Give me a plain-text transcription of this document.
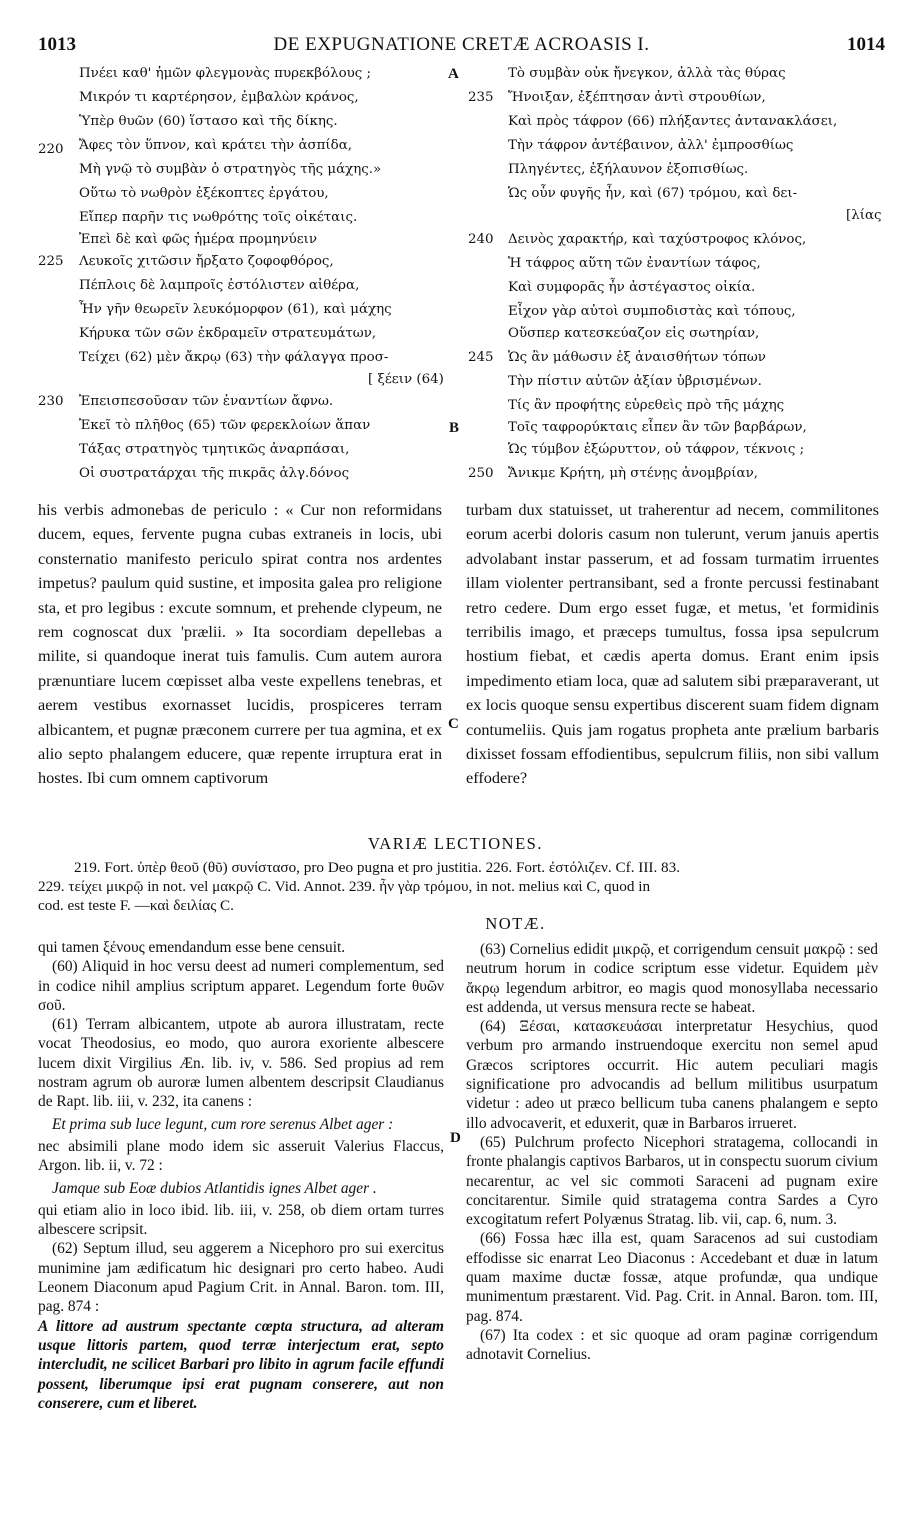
1013	DE EXPUGNATIONE CRETÆ ACROASIS I.	1014
220
225
230
Πνέει καθ' ἡμῶν φλεγμονὰς πυρεκβόλους ;
Μικρόν τι καρτέρησον, ἐμβαλὼν κράνος,
Ὑπὲρ θυῶν (60) ἵστασο καὶ τῆς δίκης.
Ἄφες τὸν ὕπνον, καὶ κράτει τὴν ἀσπίδα,
Μὴ γνῷ τὸ συμβὰν ὁ στρατηγὸς τῆς μάχης.»
Οὕτω τὸ νωθρὸν ἐξέκοπτες ἐργάτου,
Εἴπερ παρῆν τις νωθρότης τοῖς οἰκέταις.
Ἐπεὶ δὲ καὶ φῶς ἡμέρα προμηνύειν
Λευκοῖς χιτῶσιν ἤρξατο ζοφοφθόρος,
Πέπλοις δὲ λαμπροῖς ἐστόλιστεν αἰθέρα,
Ἦν γῆν θεωρεῖν λευκόμορφον (61), καὶ μάχης
Κήρυκα τῶν σῶν ἐκδραμεῖν στρατευμάτων,
Τείχει (62) μὲν ἄκρῳ (63) τὴν φάλαγγα προσ-
[ ξέειν (64)
Ἐπεισπεσοῦσαν τῶν ἐναντίων ἄφνω.
Ἐκεῖ τὸ πλῆθος (65) τῶν φερεκλοίων ἅπαν
Τάξας στρατηγὸς τμητικῶς ἀναρπάσαι,
Οἱ συστρατάρχαι τῆς πικρᾶς ἀλγ.δόνος
A
B
235
240
245
250
Τὸ συμβὰν οὐκ ἤνεγκον, ἀλλὰ τὰς θύρας
Ἤνοιξαν, ἐξέπτησαν ἀντὶ στρουθίων,
Καὶ πρὸς τάφρον (66) πλήξαντες ἀντανακλάσει,
Τὴν τάφρον ἀντέβαινον, ἀλλ' ἐμπροσθίως
Πληγέντες, ἐξήλαυνον ἐξοπισθίως.
Ὡς οὖν φυγῆς ἦν, καὶ (67) τρόμου, καὶ δει-
[λίας
Δεινὸς χαρακτήρ, καὶ ταχύστροφος κλόνος,
Ἡ τάφρος αὕτη τῶν ἐναντίων τάφος,
Καὶ συμφορᾶς ἦν ἀστέγαστος οἰκία.
Εἶχον γὰρ αὐτοὶ συμποδιστὰς καὶ τόπους,
Οὕσπερ κατεσκεύαζον εἰς σωτηρίαν,
Ὡς ἂν μάθωσιν ἐξ ἀναισθήτων τόπων
Τὴν πίστιν αὐτῶν ἀξίαν ὑβρισμένων.
Τίς ἂν προφήτης εὑρεθεὶς πρὸ τῆς μάχης
Τοῖς ταφρορύκταις εἶπεν ἂν τῶν βαρβάρων,
Ὡς τύμβον ἐξώρυττον, οὐ τάφρον, τέκνοις ;
Ἄνικμε Κρήτη, μὴ στένῃς ἀνομβρίαν,

his verbis admonebas de periculo : « Cur non reformidans ducem, eques, fervente pugna cubas extraneis in locis, ubi consternatio manifesto periculo spirat contra nos ardentes impetus? paulum quid sustine, et imposita galea pro religione sta, et pro legibus : excute somnum, et prehende clypeum, ne rem cognoscat dux 'prælii. » Ita socordiam depellebas a milite, si quandoque inerat tuis famulis. Cum autem aurora prænuntiare lucem cœpisset alba veste expellens tenebras, et aerem vestibus exornasset lucidis, prospiceres terram albicantem, et pugnæ præconem currere per tua agmina, et ex alio septo phalangem educere, quæ repente irruptura erat in hostes. Ibi cum omnem captivorum

C

turbam dux statuisset, ut traherentur ad necem, commilitones eorum acerbi doloris casum non tulerunt, verum januis apertis advolabant instar passerum, et ad fossam turmatim irruentes illam violenter pertransibant, sed a fronte percussi festinabant retro cedere. Dum ergo esset fugæ, et metus, 'et formidinis terribilis imago, et præceps tumultus, fossa ipsa sepulcrum hostium fiebat, et cædis aperta domus. Erant enim ipsis impedimento etiam loca, quæ ad salutem sibi præparaverant, ut ex locis quoque sensu expertibus discerent suam fidem dignam contumeliis. Quis jam rogatus propheta ante prælium barbaris dixisset fossam effodientibus, sepulcrum filiis, non sibi vallum effodere?

VARIÆ LECTIONES.

219. Fort. ὑπὲρ θεοῦ (θῦ) συνίστασο, pro Deo pugna et pro justitia. 226. Fort. ἐστόλιζεν. Cf. III. 83.

229. τείχει μικρῷ in not. vel μακρῷ C. Vid. Annot. 239. ἦν γὰρ τρόμου, in not. melius καὶ C, quod in

cod. est teste F. —καὶ δειλίας C.

NOTÆ.

qui tamen ξένους emendandum esse bene censuit.

(60) Aliquid in hoc versu deest ad numeri complementum, sed in codice nihil amplius scriptum apparet. Legendum forte θυῶν σοῦ.

(61) Terram albicantem, utpote ab aurora illustratam, recte vocat Theodosius, eo modo, quo aurora exoriente albescere lucem dixit Virgilius Æn. lib. iv, v. 586. Sed propius ad rem nostram agrum ob auroræ lumen albentem descripsit Claudianus de Rapt. lib. iii, v. 232, ita canens :

Et prima sub luce legunt, cum rore serenus Albet ager :

nec absimili plane modo idem sic asseruit Valerius Flaccus, Argon. lib. ii, v. 72 :

Jamque sub Eoæ dubios Atlantidis ignes Albet ager .

qui etiam alio in loco ibid. lib. iii, v. 258, ob diem ortam turres albescere scripsit.

(62) Septum illud, seu aggerem a Nicephoro pro sui exercitus munimine jam ædificatum hic designari pro certo habeo. Audi Leonem Diaconum apud Pagium Crit. in Annal. Baron. tom. III, pag. 874 :

A littore ad austrum spectante cœpta structura, ad alteram usque littoris partem, quod terræ interjectum erat, septo intercludit, ne scilicet Barbari pro libito in agrum facile effundi possent, liberumque ipsi erat pugnam conserere, aut non conserere, cum et liberet.

D

(63) Cornelius edidit μικρῷ, et corrigendum censuit μακρῷ : sed neutrum horum in codice scriptum esse videtur. Equidem μὲν ἄκρῳ legendum arbitror, eo magis quod monosyllaba necessario est addenda, ut versus mensura recte se habeat.

(64) Ξέσαι, κατασκευάσαι interpretatur Hesychius, quod verbum pro armando instruendoque exercitu non semel apud Græcos scriptores occurrit. Hic autem peculiari magis significatione pro advocandis ad bellum militibus usurpatum videtur : adeo ut præco bellicum tuba canens phalangem e septo illo advocaverit, et eduxerit, quæ in Barbaros irrueret.

(65) Pulchrum profecto Nicephori stratagema, collocandi in fronte phalangis captivos Barbaros, ut in conspectu suorum civium necarentur, ac vel sic commoti Saraceni ad pugnam exire concitarentur. Simile quid stratagema contra Sardes a Cyro excogitatum refert Polyænus Stratag. lib. vii, cap. 6, num. 3.

(66) Fossa hæc illa est, quam Saracenos ad sui custodiam effodisse sic enarrat Leo Diaconus : Accedebant et duæ in latum quam maxime ductæ fossæ, atque profundæ, qua undique munimentum præstarent. Vid. Pag. Crit. in Annal. Baron. tom. III, pag. 874.

(67) Ita codex : et sic quoque ad oram paginæ corrigendum adnotavit Cornelius.
